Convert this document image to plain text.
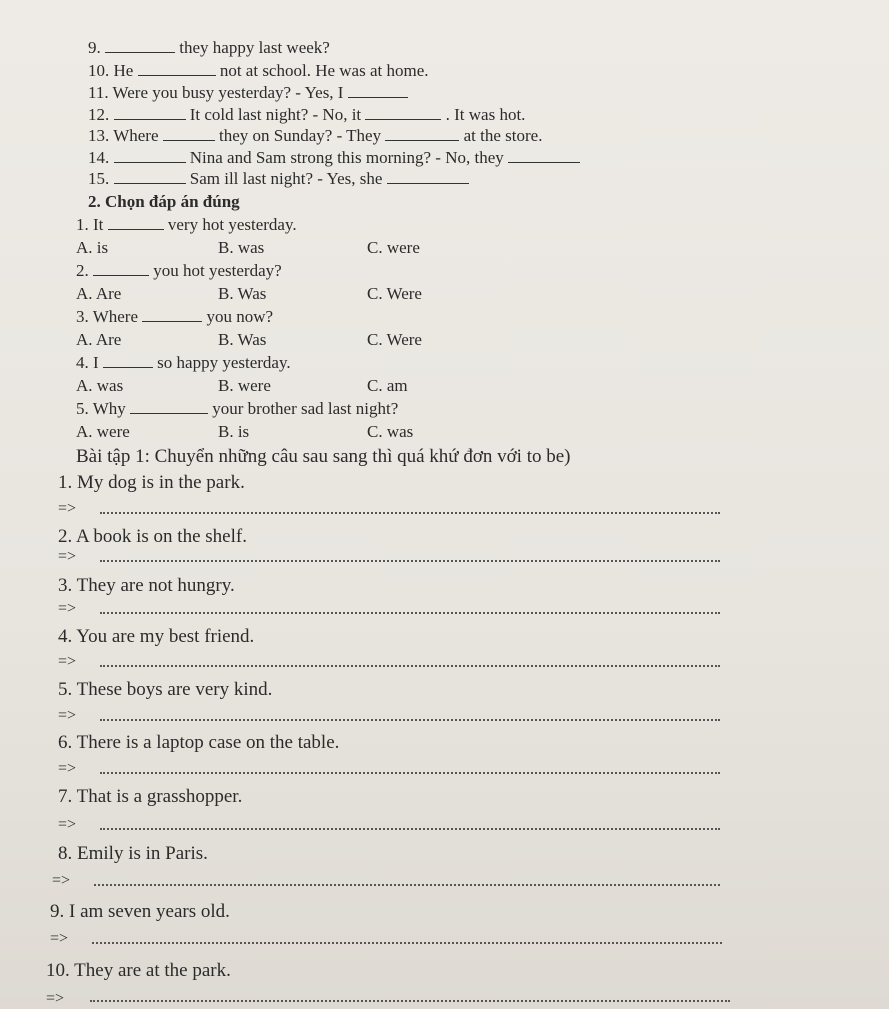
9.	they happy last week?
10. He	not at school. He was at home.
11. Were you busy yesterday? - Yes, I
12.	It cold last night? - No, it	. It was hot.
13. Where	they on Sunday? - They	at the store.
14.	Nina and Sam strong this morning? - No, they
15.	Sam ill last night? - Yes, she
2. Chọn đáp án đúng
1. It	very hot yesterday.
A. is	B. was	C. were
2.	you hot yesterday?
A. Are	B. Was	C. Were
3. Where	you now?
A. Are	B. Was	C. Were
4. I	so happy yesterday.
A. was	B. were	C. am
5. Why	your brother sad last night?
A. were	B. is	C. was
Bài tập 1: Chuyển những câu sau sang thì quá khứ đơn với to be)
1. My dog is in the park.
=>
2. A book is on the shelf.
=>
3. They are not hungry.
=>
4. You are my best friend.
=>
5. These boys are very kind.
=>
6. There is a laptop case on the table.
=>
7. That is a grasshopper.
=>
8. Emily is in Paris.
=>
9. I am seven years old.
=>
10. They are at the park.
=>
